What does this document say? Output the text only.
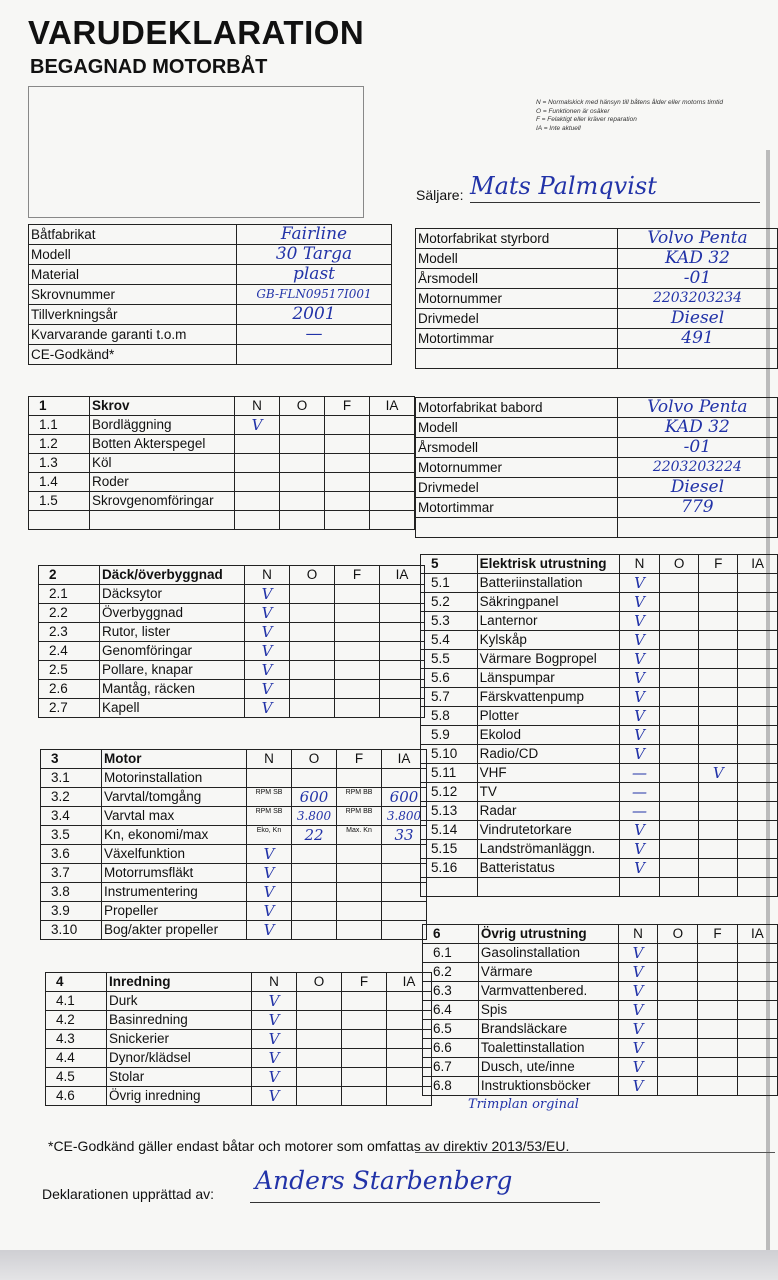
VARUDEKLARATION
BEGAGNAD MOTORBÅT
N = Normalskick med hänsyn till båtens ålder eller motorns timtid
O = Funktionen är osäker
F = Felaktigt eller kräver reparation
IA = Inte aktuell
Säljare: Mats Palmqvist
Båtfabrikat	Fairline
Modell	30 Targa
Material	plast
Skrovnummer	GB-FLN09517I001
Tillverkningsår	2001
Kvarvarande garanti t.o.m	—
CE-Godkänd*	
Motorfabrikat styrbord	Volvo Penta
Modell	KAD 32
Årsmodell	-01
Motornummer	2203203234
Drivmedel	Diesel
Motortimmar	491

Motorfabrikat babord	Volvo Penta
Modell	KAD 32
Årsmodell	-01
Motornummer	2203203224
Drivmedel	Diesel
Motortimmar	779

1	Skrov	N	O	F	IA
1.1	Bordläggning	V			
1.2	Botten Akterspegel				
1.3	Köl				
1.4	Roder				
1.5	Skrovgenomföringar				

2	Däck/överbyggnad	N	O	F	IA
2.1	Däcksytor	V			
2.2	Överbyggnad	V			
2.3	Rutor, lister	V			
2.4	Genomföringar	V			
2.5	Pollare, knapar	V			
2.6	Mantåg, räcken	V			
2.7	Kapell	V			
3	Motor	N	O	F	IA
3.1	Motorinstallation				
3.2	Varvtal/tomgång	$^{RPM SB}$	600	$^{RPM BB}$	600
3.4	Varvtal max	$^{RPM SB}$	3.800	$^{RPM BB}$	3.800
3.5	Kn, ekonomi/max	$^{Eko, Kn}$	22	$^{Max. Kn}$	33
3.6	Växelfunktion	V			
3.7	Motorrumsfläkt	V			
3.8	Instrumentering	V			
3.9	Propeller	V			
3.10	Bog/akter propeller	V			
4	Inredning	N	O	F	IA
4.1	Durk	V			
4.2	Basinredning	V			
4.3	Snickerier	V			
4.4	Dynor/klädsel	V			
4.5	Stolar	V			
4.6	Övrig inredning	V			
5	Elektrisk utrustning	N	O	F	IA
5.1	Batteriinstallation	V			
5.2	Säkringpanel	V			
5.3	Lanternor	V			
5.4	Kylskåp	V			
5.5	Värmare Bogpropel	V			
5.6	Länspumpar	V			
5.7	Färskvattenpump	V			
5.8	Plotter	V			
5.9	Ekolod	V			
5.10	Radio/CD	V			
5.11	VHF	—		V	
5.12	TV	—			
5.13	Radar	—			
5.14	Vindrutetorkare	V			
5.15	Landströmanläggn.	V			
5.16	Batteristatus	V			

6	Övrig utrustning	N	O	F	IA
6.1	Gasolinstallation	V			
6.2	Värmare	V			
6.3	Varmvattenbered.	V			
6.4	Spis	V			
6.5	Brandsläckare	V			
6.6	Toalettinstallation	V			
6.7	Dusch, ute/inne	V			
6.8	Instruktionsböcker	V			
Trimplan orginal
*CE-Godkänd gäller endast båtar och motorer som omfattas av direktiv 2013/53/EU.
Deklarationen upprättad av: Anders Starbenberg
